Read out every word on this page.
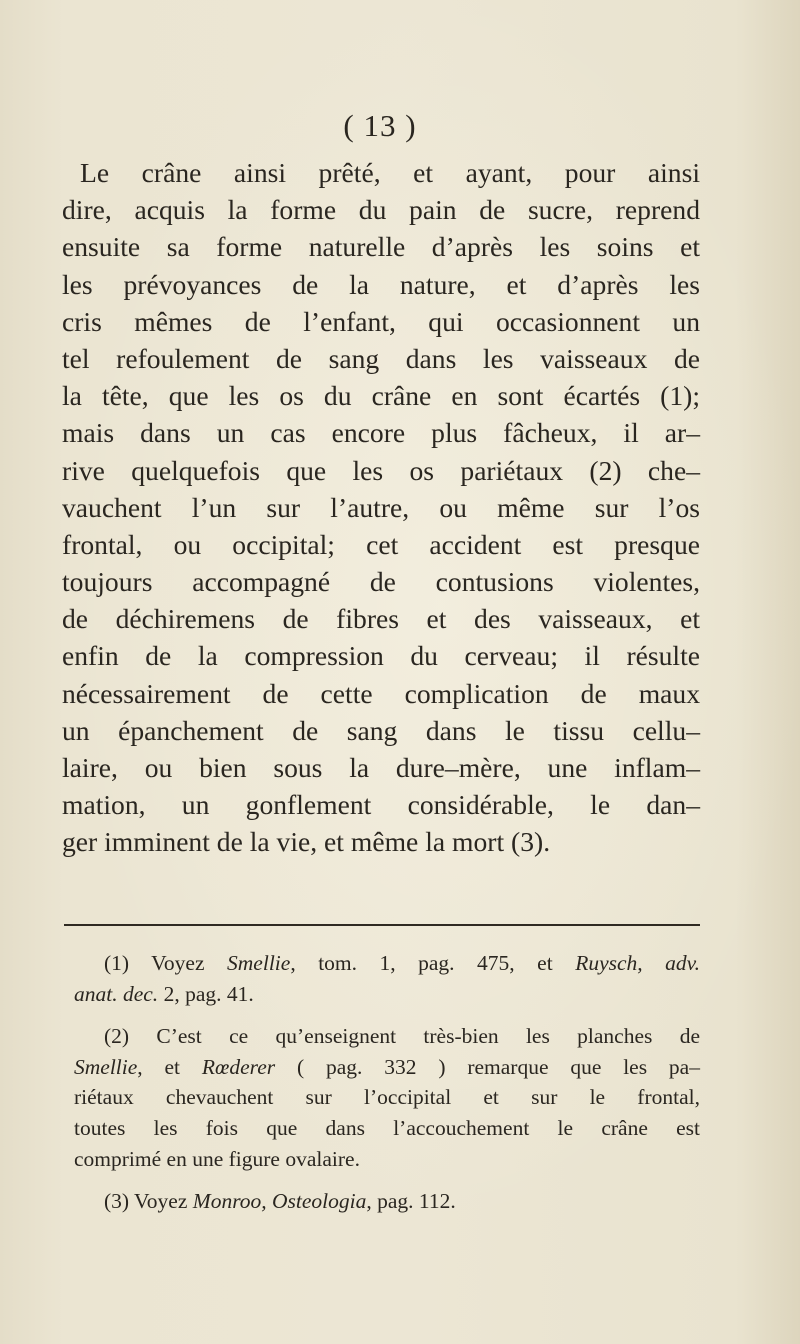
( 13 )
Le crâne ainsi prêté, et ayant, pour ainsi
dire, acquis la forme du pain de sucre, reprend
ensuite sa forme naturelle d’après les soins et
les prévoyances de la nature, et d’après les
cris mêmes de l’enfant, qui occasionnent un
tel refoulement de sang dans les vaisseaux de
la tête, que les os du crâne en sont écartés (1);
mais dans un cas encore plus fâcheux, il ar–
rive quelquefois que les os pariétaux (2) che–
vauchent l’un sur l’autre, ou même sur l’os
frontal, ou occipital; cet accident est presque
toujours accompagné de contusions violentes,
de déchiremens de fibres et des vaisseaux, et
enfin de la compression du cerveau; il résulte
nécessairement de cette complication de maux
un épanchement de sang dans le tissu cellu–
laire, ou bien sous la dure–mère, une inflam–
mation, un gonflement considérable, le dan–
ger imminent de la vie, et même la mort (3).
(1) Voyez Smellie, tom. 1, pag. 475, et Ruysch, adv.
anat. dec. 2, pag. 41.
(2) C’est ce qu’enseignent très-bien les planches de
Smellie, et Rœderer ( pag. 332 ) remarque que les pa–
riétaux chevauchent sur l’occipital et sur le frontal,
toutes les fois que dans l’accouchement le crâne est
comprimé en une figure ovalaire.
(3) Voyez Monroo, Osteologia, pag. 112.
